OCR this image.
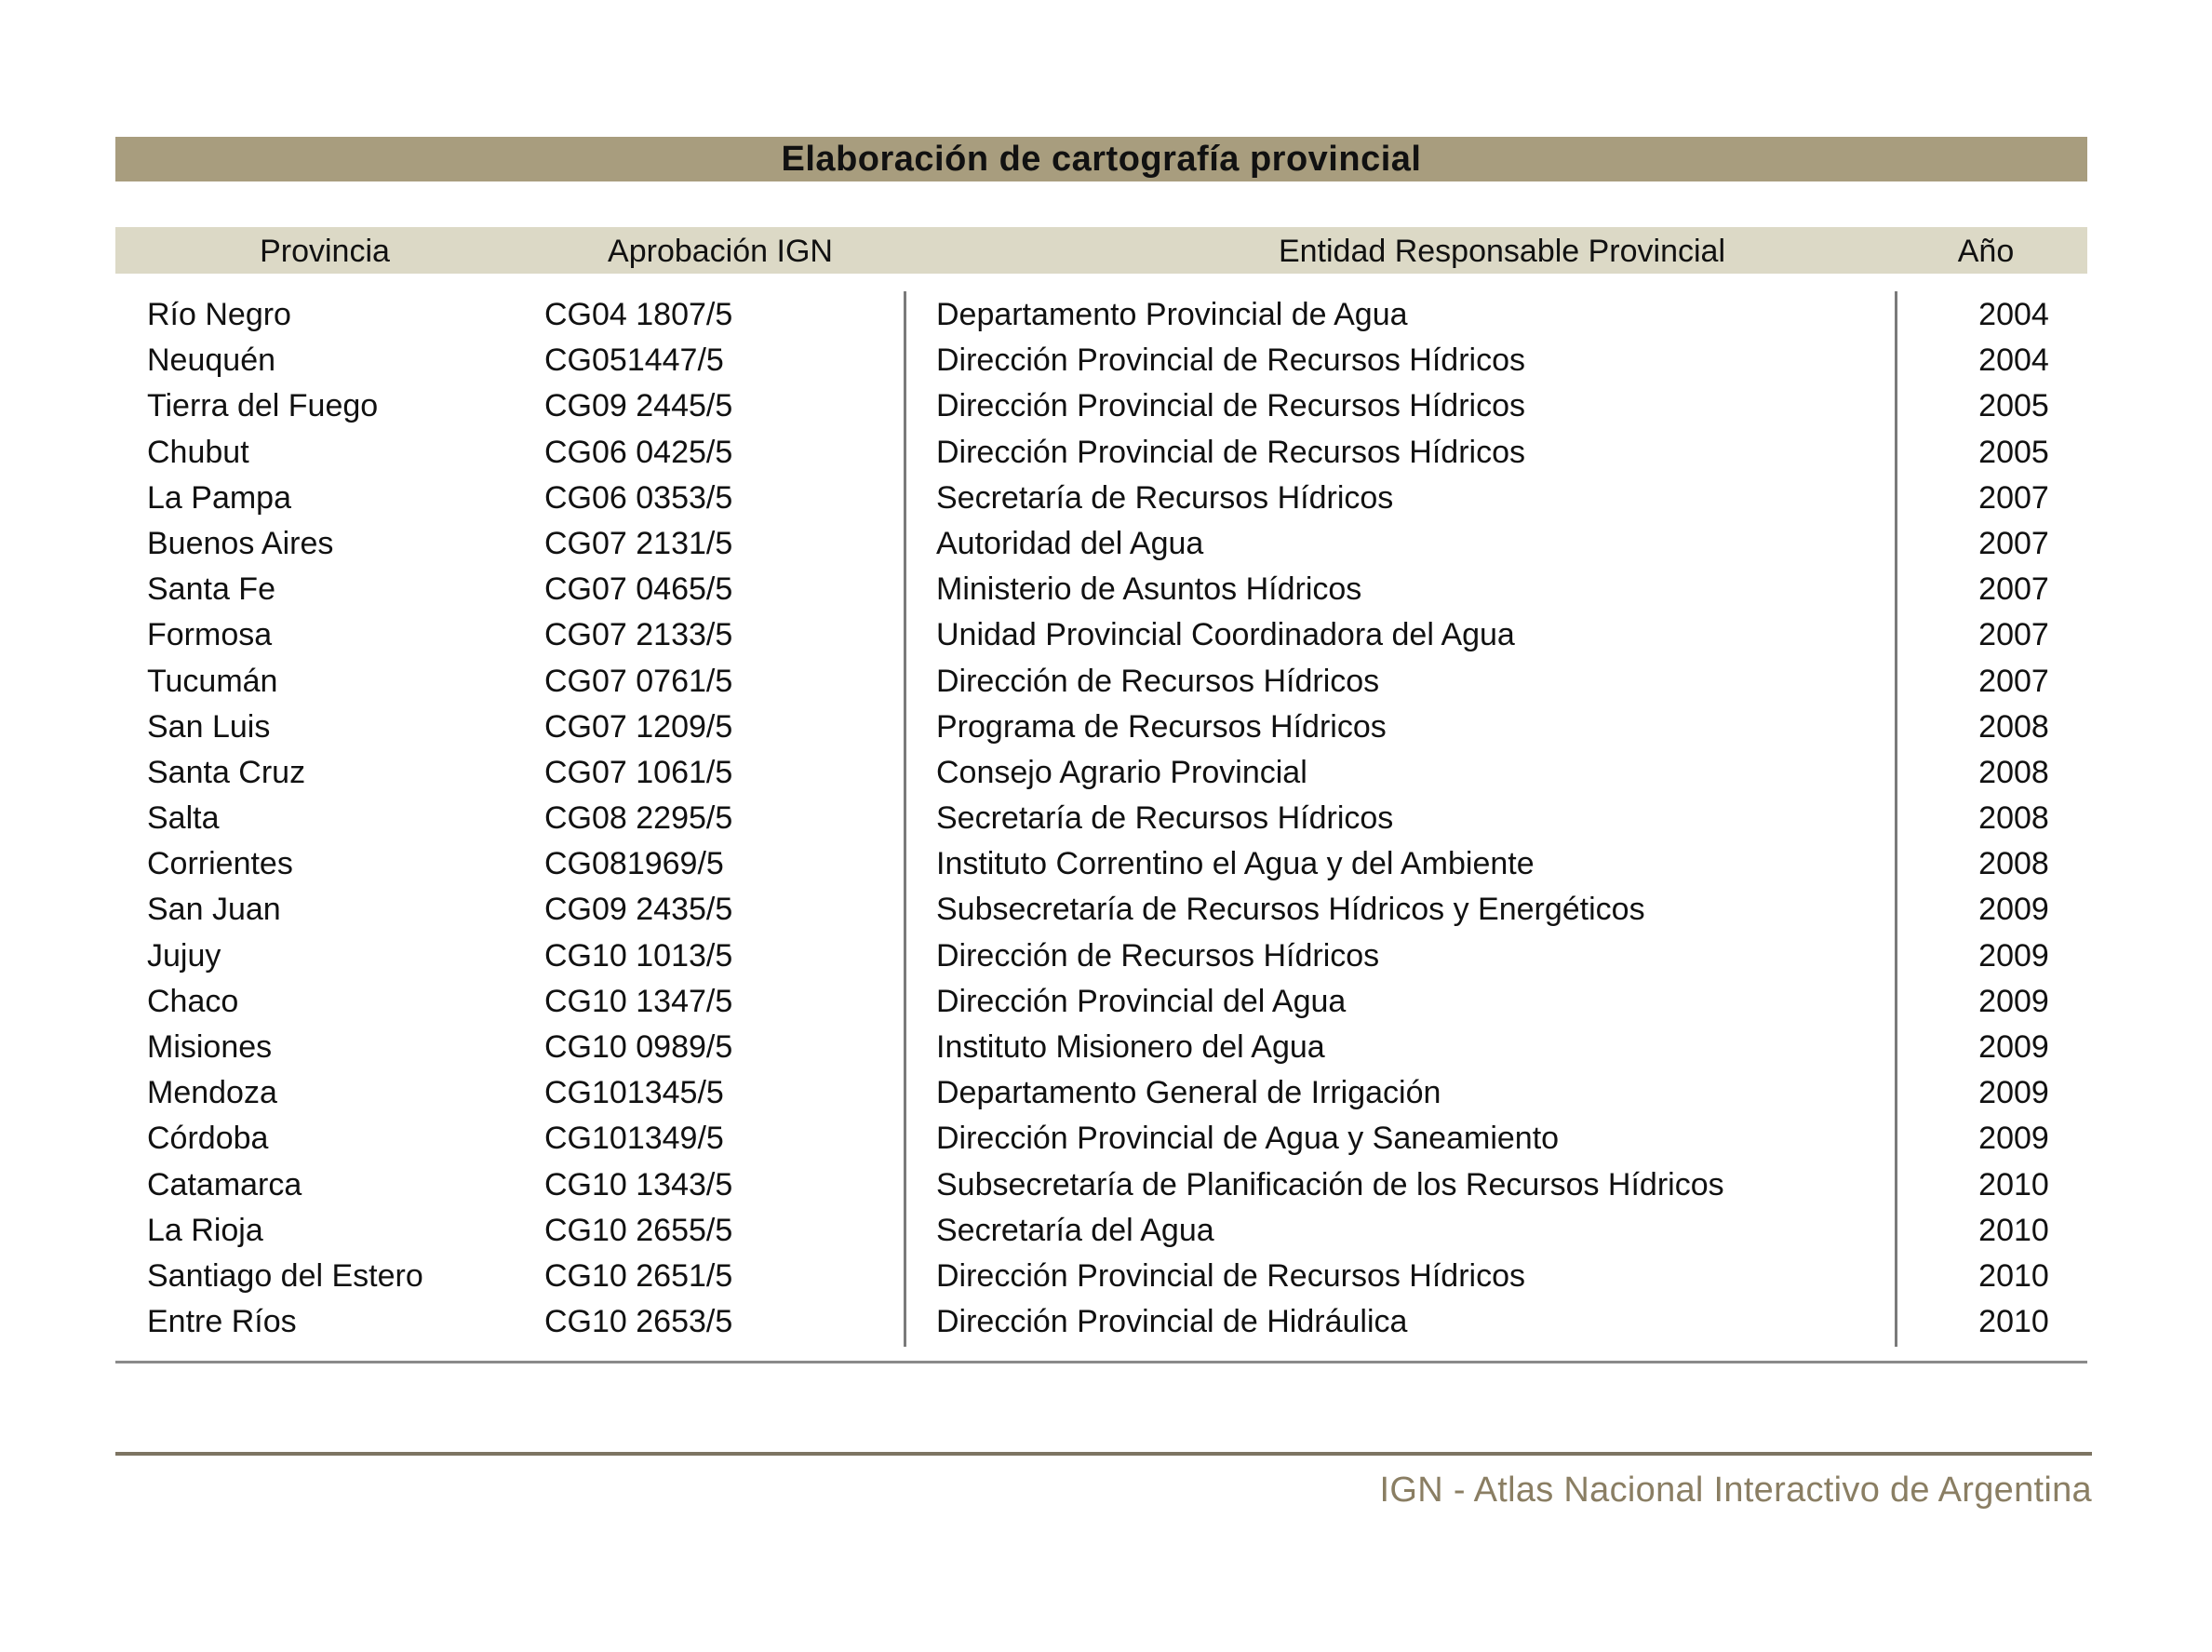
Elaboración de cartografía provincial
Provincia	Aprobación IGN	Entidad Responsable Provincial	Año
Río Negro	CG04 1807/5	Departamento Provincial de Agua	2004
Neuquén	CG051447/5	Dirección Provincial de Recursos Hídricos	2004
Tierra del Fuego	CG09 2445/5	Dirección Provincial de Recursos Hídricos	2005
Chubut	CG06 0425/5	Dirección Provincial de Recursos Hídricos	2005
La Pampa	CG06 0353/5	Secretaría de Recursos Hídricos	2007
Buenos Aires	CG07 2131/5	Autoridad del Agua	2007
Santa Fe	CG07 0465/5	Ministerio de Asuntos Hídricos	2007
Formosa	CG07 2133/5	Unidad Provincial Coordinadora del Agua	2007
Tucumán	CG07 0761/5	Dirección de Recursos Hídricos	2007
San Luis	CG07 1209/5	Programa de Recursos Hídricos	2008
Santa Cruz	CG07 1061/5	Consejo Agrario Provincial	2008
Salta	CG08 2295/5	Secretaría de Recursos Hídricos	2008
Corrientes	CG081969/5	Instituto Correntino el Agua y del Ambiente	2008
San Juan	CG09 2435/5	Subsecretaría de Recursos Hídricos y Energéticos	2009
Jujuy	CG10 1013/5	Dirección de Recursos Hídricos	2009
Chaco	CG10 1347/5	Dirección Provincial del Agua	2009
Misiones	CG10 0989/5	Instituto Misionero del Agua	2009
Mendoza	CG101345/5	Departamento General de Irrigación	2009
Córdoba	CG101349/5	Dirección Provincial de Agua y Saneamiento	2009
Catamarca	CG10 1343/5	Subsecretaría de Planificación de los Recursos Hídricos	2010
La Rioja	CG10 2655/5	Secretaría del Agua	2010
Santiago del Estero	CG10 2651/5	Dirección Provincial de Recursos Hídricos	2010
Entre Ríos	CG10 2653/5	Dirección Provincial de Hidráulica	2010
IGN - Atlas Nacional Interactivo de Argentina
